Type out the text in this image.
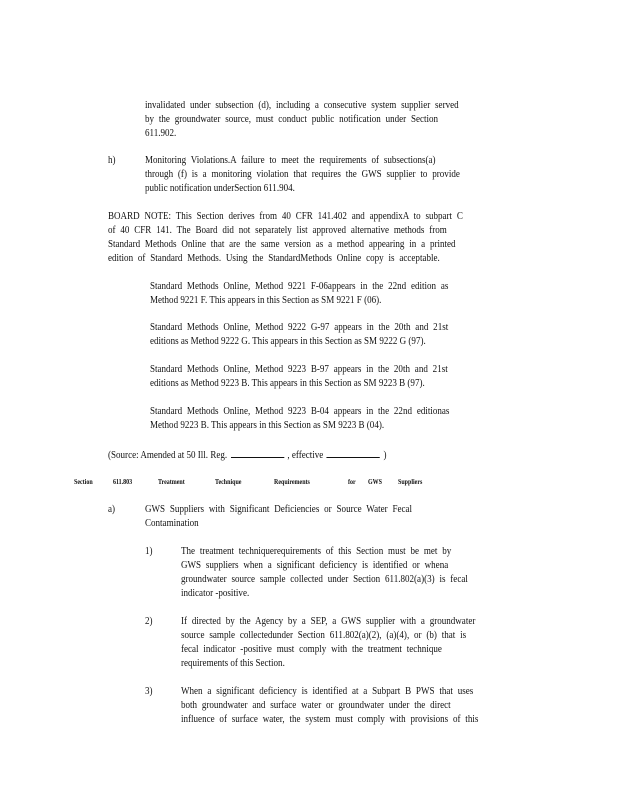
invalidated under subsection (d), including a consecutive system supplier served
by the groundwater source, must conduct public notification under Section
611.902.
h)	Monitoring Violations.A failure to meet the requirements of subsections(a)
through (f) is a monitoring violation that requires the GWS supplier to provide
public notification underSection 611.904.
BOARD NOTE: This Section derives from 40 CFR 141.402 and appendixA to subpart C
of 40 CFR 141. The Board did not separately list approved alternative methods from
Standard Methods Online that are the same version as a method appearing in a printed
edition of Standard Methods. Using the StandardMethods Online copy is acceptable.
Standard Methods Online, Method 9221 F-06appears in the 22nd edition as
Method 9221 F. This appears in this Section as SM 9221 F (06).
Standard Methods Online, Method 9222 G-97 appears in the 20th and 21st
editions as Method 9222 G. This appears in this Section as SM 9222 G (97).
Standard Methods Online, Method 9223 B-97 appears in the 20th and 21st
editions as Method 9223 B. This appears in this Section as SM 9223 B (97).
Standard Methods Online, Method 9223 B-04 appears in the 22nd editionas
Method 9223 B. This appears in this Section as SM 9223 B (04).
(Source: Amended at 50 Ill. Reg.	, effective	)
Section	611.803	Treatment	Technique	Requirements	for GWS Suppliers
a)	GWS Suppliers with Significant Deficiencies or Source Water Fecal
Contamination
1)	The treatment techniquerequirements of this Section must be met by
GWS suppliers when a significant deficiency is identified or whena
groundwater source sample collected under Section 611.802(a)(3) is fecal
indicator -positive.
2)	If directed by the Agency by a SEP, a GWS supplier with a groundwater
source sample collectedunder Section 611.802(a)(2), (a)(4), or (b) that is
fecal indicator -positive must comply with the treatment technique
requirements of this Section.
3)	When a significant deficiency is identified at a Subpart B PWS that uses
both groundwater and surface water or groundwater under the direct
influence of surface water, the system must comply with provisions of this
